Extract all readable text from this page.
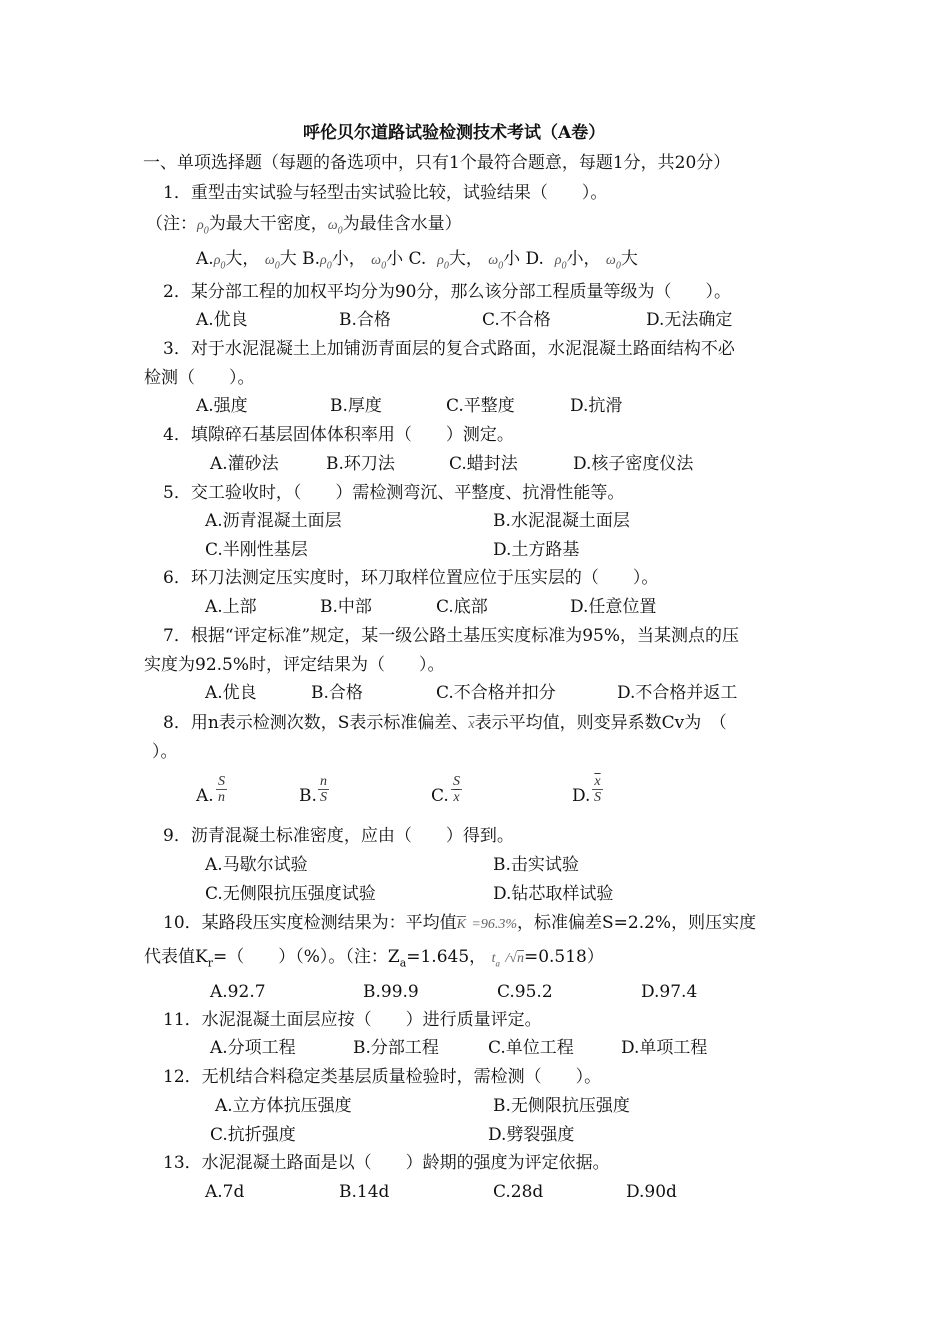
呼伦贝尔道路试验检测技术考试（A卷）
一、单项选择题（每题的备选项中，只有1个最符合题意，每题1分，共20分）
1．重型击实试验与轻型击实试验比较，试验结果（　　）。
（注：$\rho_0$为最大干密度，$\omega_0$为最佳含水量）
$A.\rho_0$大， $\omega_0$大 $B.\rho_0$小， $\omega_0$小 C. $\rho_0$大， $\omega_0$小 D. $\rho_0$小， $\omega_0$大
2．某分部工程的加权平均分为90分，那么该分部工程质量等级为（　　）。
A.优良	B.合格	C.不合格	D.无法确定
3．对于水泥混凝土上加铺沥青面层的复合式路面，水泥混凝土路面结构不必
检测（　　）。
A.强度	B.厚度	C.平整度	D.抗滑
4．填隙碎石基层固体体积率用（　　）测定。
A.灌砂法	B.环刀法	C.蜡封法	D.核子密度仪法
5．交工验收时，（　　）需检测弯沉、平整度、抗滑性能等。
A.沥青混凝土面层	B.水泥混凝土面层
C.半刚性基层	D.土方路基
6．环刀法测定压实度时，环刀取样位置应位于压实层的（　　）。
A.上部	B.中部	C.底部	D.任意位置
7．根据“评定标准”规定，某一级公路土基压实度标准为95%，当某测点的压
实度为92.5%时，评定结果为（　　）。
A.优良	B.合格	C.不合格并扣分	D.不合格并返工
8．用n表示检测次数，S表示标准偏差、$\overline{x}$表示平均值，则变异系数Cv为　（
）。
A. $\frac{S}{n}$	B. $\frac{n}{S}$	C. $\frac{S}{x}$	D. $\frac{\overline{x}}{S}$
9．沥青混凝土标准密度，应由（　　）得到。
A.马歇尔试验	B.击实试验
C.无侧限抗压强度试验	D.钻芯取样试验
10．某路段压实度检测结果为：平均值$\overline{K} =96.3\%$，标准偏差S=2.2%，则压实度
代表值$K_r=$（　　）（%）。（注：$Z_a=1.645$， $t_a$ /√n=0.518）
A.92.7	B.99.9	C.95.2	D.97.4
11．水泥混凝土面层应按（　　）进行质量评定。
A.分项工程	B.分部工程	C.单位工程	D.单项工程
12．无机结合料稳定类基层质量检验时，需检测（　　）。
A.立方体抗压强度	B.无侧限抗压强度
C.抗折强度	D.劈裂强度
13．水泥混凝土路面是以（　　）龄期的强度为评定依据。
A.7d	B.14d	C.28d	D.90d
